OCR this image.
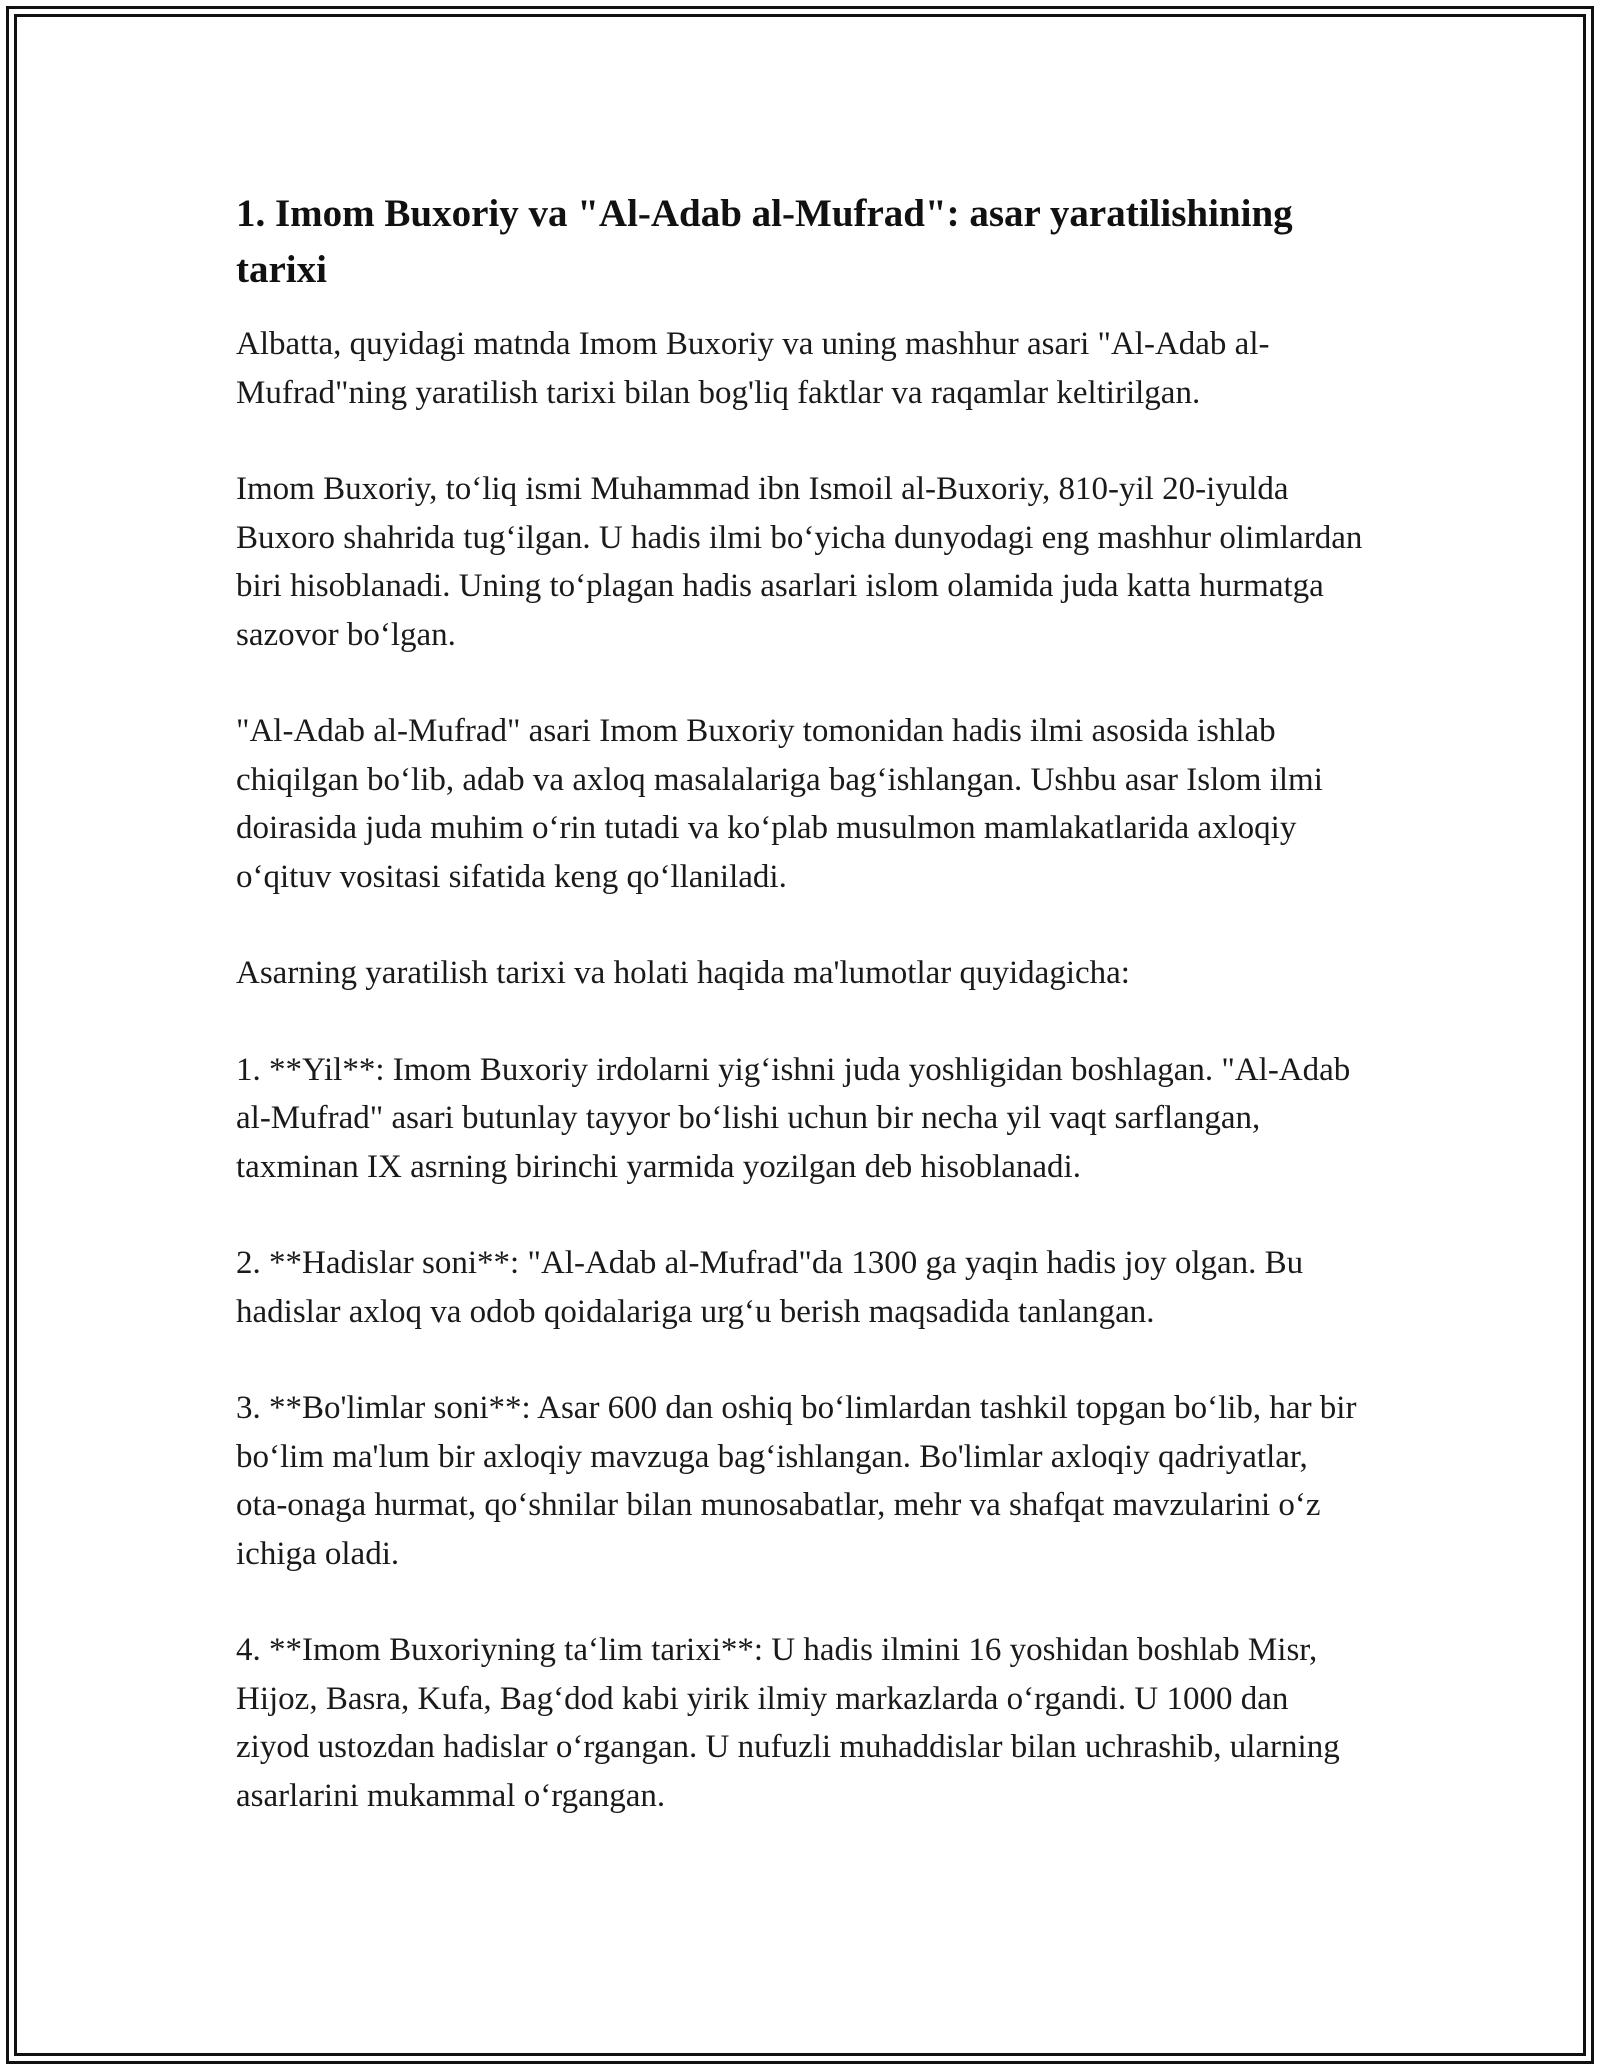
1. Imom Buxoriy va "Al-Adab al-Mufrad": asar yaratilishining tarixi

Albatta, quyidagi matnda Imom Buxoriy va uning mashhur asari "Al-Adab al-Mufrad"ning yaratilish tarixi bilan bog'liq faktlar va raqamlar keltirilgan.

Imom Buxoriy, to‘liq ismi Muhammad ibn Ismoil al-Buxoriy, 810-yil 20-iyulda Buxoro shahrida tug‘ilgan. U hadis ilmi bo‘yicha dunyodagi eng mashhur olimlardan biri hisoblanadi. Uning to‘plagan hadis asarlari islom olamida juda katta hurmatga sazovor bo‘lgan.

"Al-Adab al-Mufrad" asari Imom Buxoriy tomonidan hadis ilmi asosida ishlab chiqilgan bo‘lib, adab va axloq masalalariga bag‘ishlangan. Ushbu asar Islom ilmi doirasida juda muhim o‘rin tutadi va ko‘plab musulmon mamlakatlarida axloqiy o‘qituv vositasi sifatida keng qo‘llaniladi.

Asarning yaratilish tarixi va holati haqida ma'lumotlar quyidagicha:

1. **Yil**: Imom Buxoriy irdolarni yig‘ishni juda yoshligidan boshlagan. "Al-Adab al-Mufrad" asari butunlay tayyor bo‘lishi uchun bir necha yil vaqt sarflangan, taxminan IX asrning birinchi yarmida yozilgan deb hisoblanadi.

2. **Hadislar soni**: "Al-Adab al-Mufrad"da 1300 ga yaqin hadis joy olgan. Bu hadislar axloq va odob qoidalariga urg‘u berish maqsadida tanlangan.

3. **Bo'limlar soni**: Asar 600 dan oshiq bo‘limlardan tashkil topgan bo‘lib, har bir bo‘lim ma'lum bir axloqiy mavzuga bag‘ishlangan. Bo'limlar axloqiy qadriyatlar, ota-onaga hurmat, qo‘shnilar bilan munosabatlar, mehr va shafqat mavzularini o‘z ichiga oladi.

4. **Imom Buxoriyning ta‘lim tarixi**: U hadis ilmini 16 yoshidan boshlab Misr, Hijoz, Basra, Kufa, Bag‘dod kabi yirik ilmiy markazlarda o‘rgandi. U 1000 dan ziyod ustozdan hadislar o‘rgangan. U nufuzli muhaddislar bilan uchrashib, ularning asarlarini mukammal o‘rgangan.
